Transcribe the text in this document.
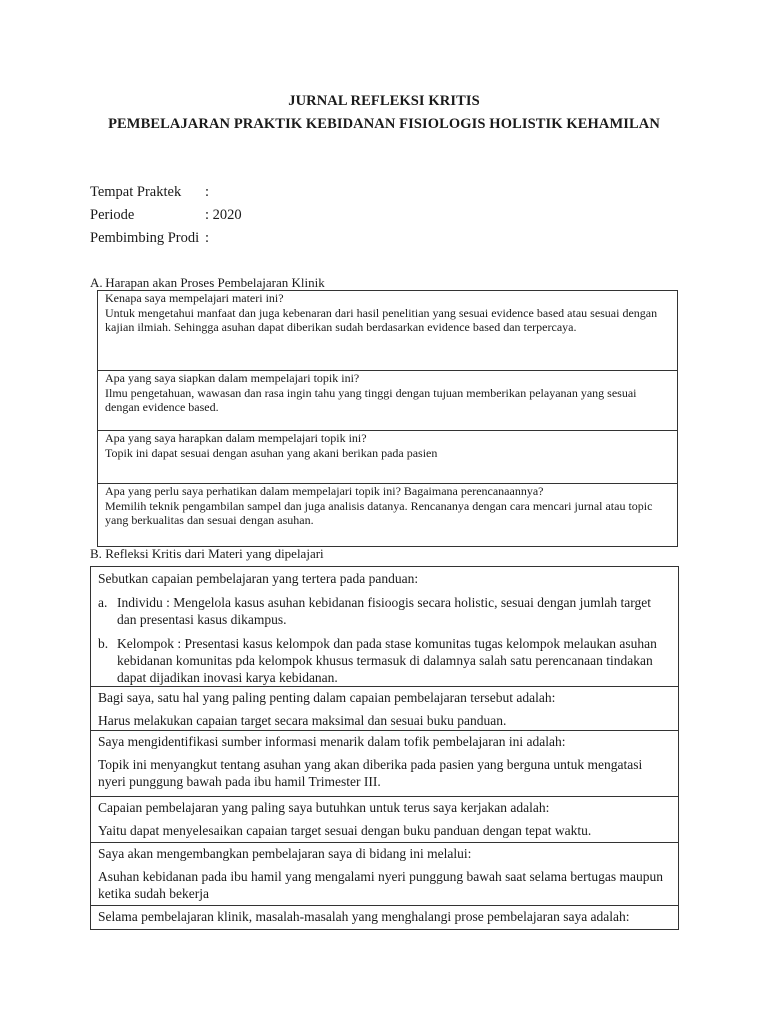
JURNAL REFLEKSI KRITIS
PEMBELAJARAN PRAKTIK KEBIDANAN FISIOLOGIS HOLISTIK KEHAMILAN
Tempat Praktek :
Periode	: 2020
Pembimbing Prodi :
A. Harapan akan Proses Pembelajaran Klinik
Kenapa saya mempelajari materi ini?
Untuk mengetahui manfaat dan juga kebenaran dari hasil penelitian yang sesuai evidence based atau sesuai dengan kajian ilmiah. Sehingga asuhan dapat diberikan sudah berdasarkan evidence based dan terpercaya.
Apa yang saya siapkan dalam mempelajari topik ini?
Ilmu pengetahuan, wawasan dan rasa ingin tahu yang tinggi dengan tujuan memberikan pelayanan yang sesuai dengan evidence based.
Apa yang saya harapkan dalam mempelajari topik ini?
Topik ini dapat sesuai dengan asuhan yang akani berikan pada pasien
Apa yang perlu saya perhatikan dalam mempelajari topik ini? Bagaimana perencanaannya?
Memilih teknik pengambilan sampel dan juga analisis datanya. Rencananya dengan cara mencari jurnal atau topic yang berkualitas dan sesuai dengan asuhan.
B. Refleksi Kritis dari Materi yang dipelajari
Sebutkan capaian pembelajaran yang tertera pada panduan:
a. Individu : Mengelola kasus asuhan kebidanan fisioogis secara holistic, sesuai dengan jumlah target dan presentasi kasus dikampus.
b. Kelompok : Presentasi kasus kelompok dan pada stase komunitas tugas kelompok melaukan asuhan kebidanan komunitas pda kelompok khusus termasuk di dalamnya salah satu perencanaan tindakan dapat dijadikan inovasi karya kebidanan.
Bagi saya, satu hal yang paling penting dalam capaian pembelajaran tersebut adalah:
Harus melakukan capaian target secara maksimal dan sesuai buku panduan.
Saya mengidentifikasi sumber informasi menarik dalam tofik pembelajaran ini adalah:
Topik ini menyangkut tentang asuhan yang akan diberika pada pasien yang berguna untuk mengatasi nyeri punggung bawah pada ibu hamil Trimester III.
Capaian pembelajaran yang paling saya butuhkan untuk terus saya kerjakan adalah:
Yaitu dapat menyelesaikan capaian target sesuai dengan buku panduan dengan tepat waktu.
Saya akan mengembangkan pembelajaran saya di bidang ini melalui:
Asuhan kebidanan pada ibu hamil yang mengalami nyeri punggung bawah saat selama bertugas maupun ketika sudah bekerja
Selama pembelajaran klinik, masalah-masalah yang menghalangi prose pembelajaran saya adalah:
